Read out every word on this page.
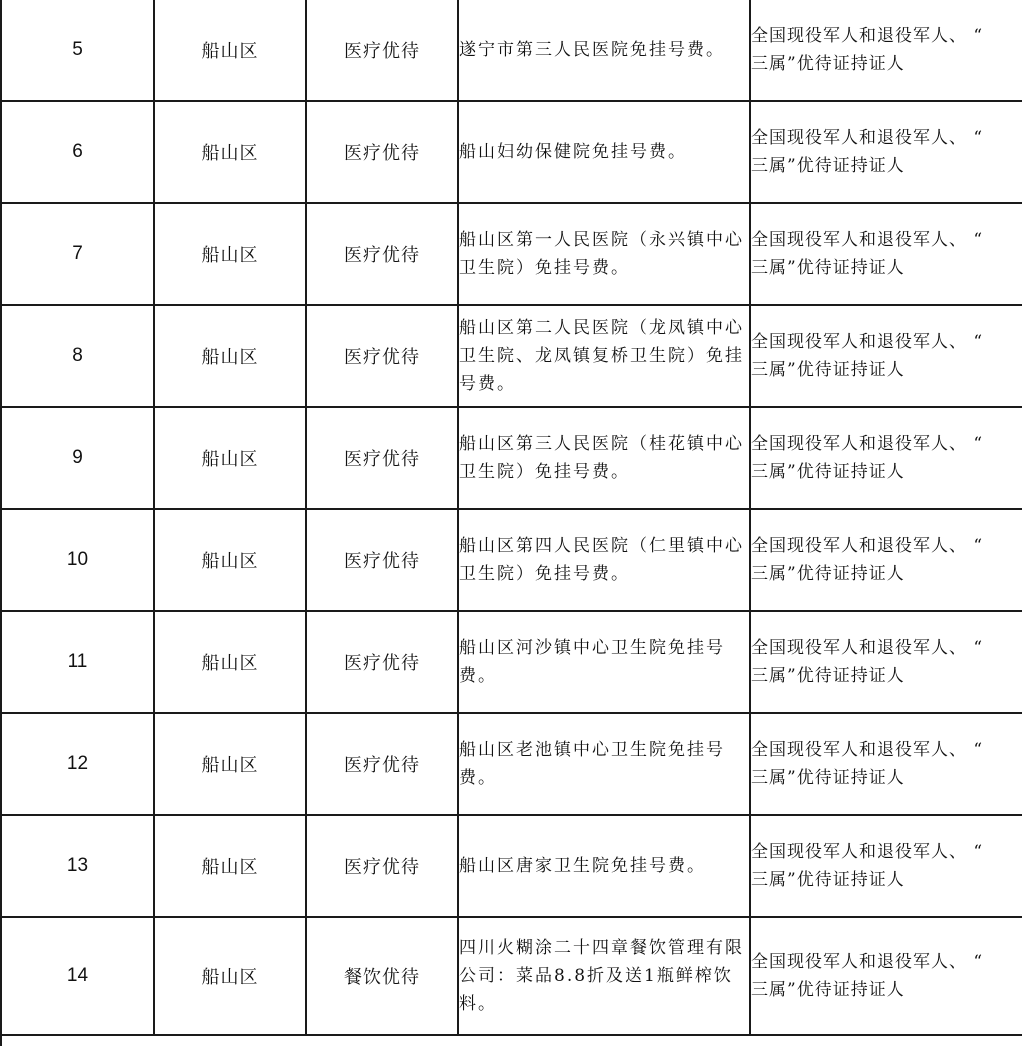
5	船山区	医疗优待	遂宁市第三人民医院免挂号费。	全国现役军人和退役军人、 “
三属”优待证持证人

6	船山区	医疗优待	船山妇幼保健院免挂号费。	全国现役军人和退役军人、 “
三属”优待证持证人

7	船山区	医疗优待	船山区第一人民医院（永兴镇中心卫生院）免挂号费。	全国现役军人和退役军人、 “
三属”优待证持证人

8	船山区	医疗优待	船山区第二人民医院（龙凤镇中心卫生院、龙凤镇复桥卫生院）免挂号费。	全国现役军人和退役军人、 “
三属”优待证持证人

9	船山区	医疗优待	船山区第三人民医院（桂花镇中心卫生院）免挂号费。	全国现役军人和退役军人、 “
三属”优待证持证人

10	船山区	医疗优待	船山区第四人民医院（仁里镇中心卫生院）免挂号费。	全国现役军人和退役军人、 “
三属”优待证持证人

11	船山区	医疗优待	船山区河沙镇中心卫生院免挂号费。	全国现役军人和退役军人、 “
三属”优待证持证人

12	船山区	医疗优待	船山区老池镇中心卫生院免挂号费。	全国现役军人和退役军人、 “
三属”优待证持证人

13	船山区	医疗优待	船山区唐家卫生院免挂号费。	全国现役军人和退役军人、 “
三属”优待证持证人

14	船山区	餐饮优待	四川火糊涂二十四章餐饮管理有限公司：菜品8.8折及送1瓶鲜榨饮料。	全国现役军人和退役军人、 “
三属”优待证持证人
